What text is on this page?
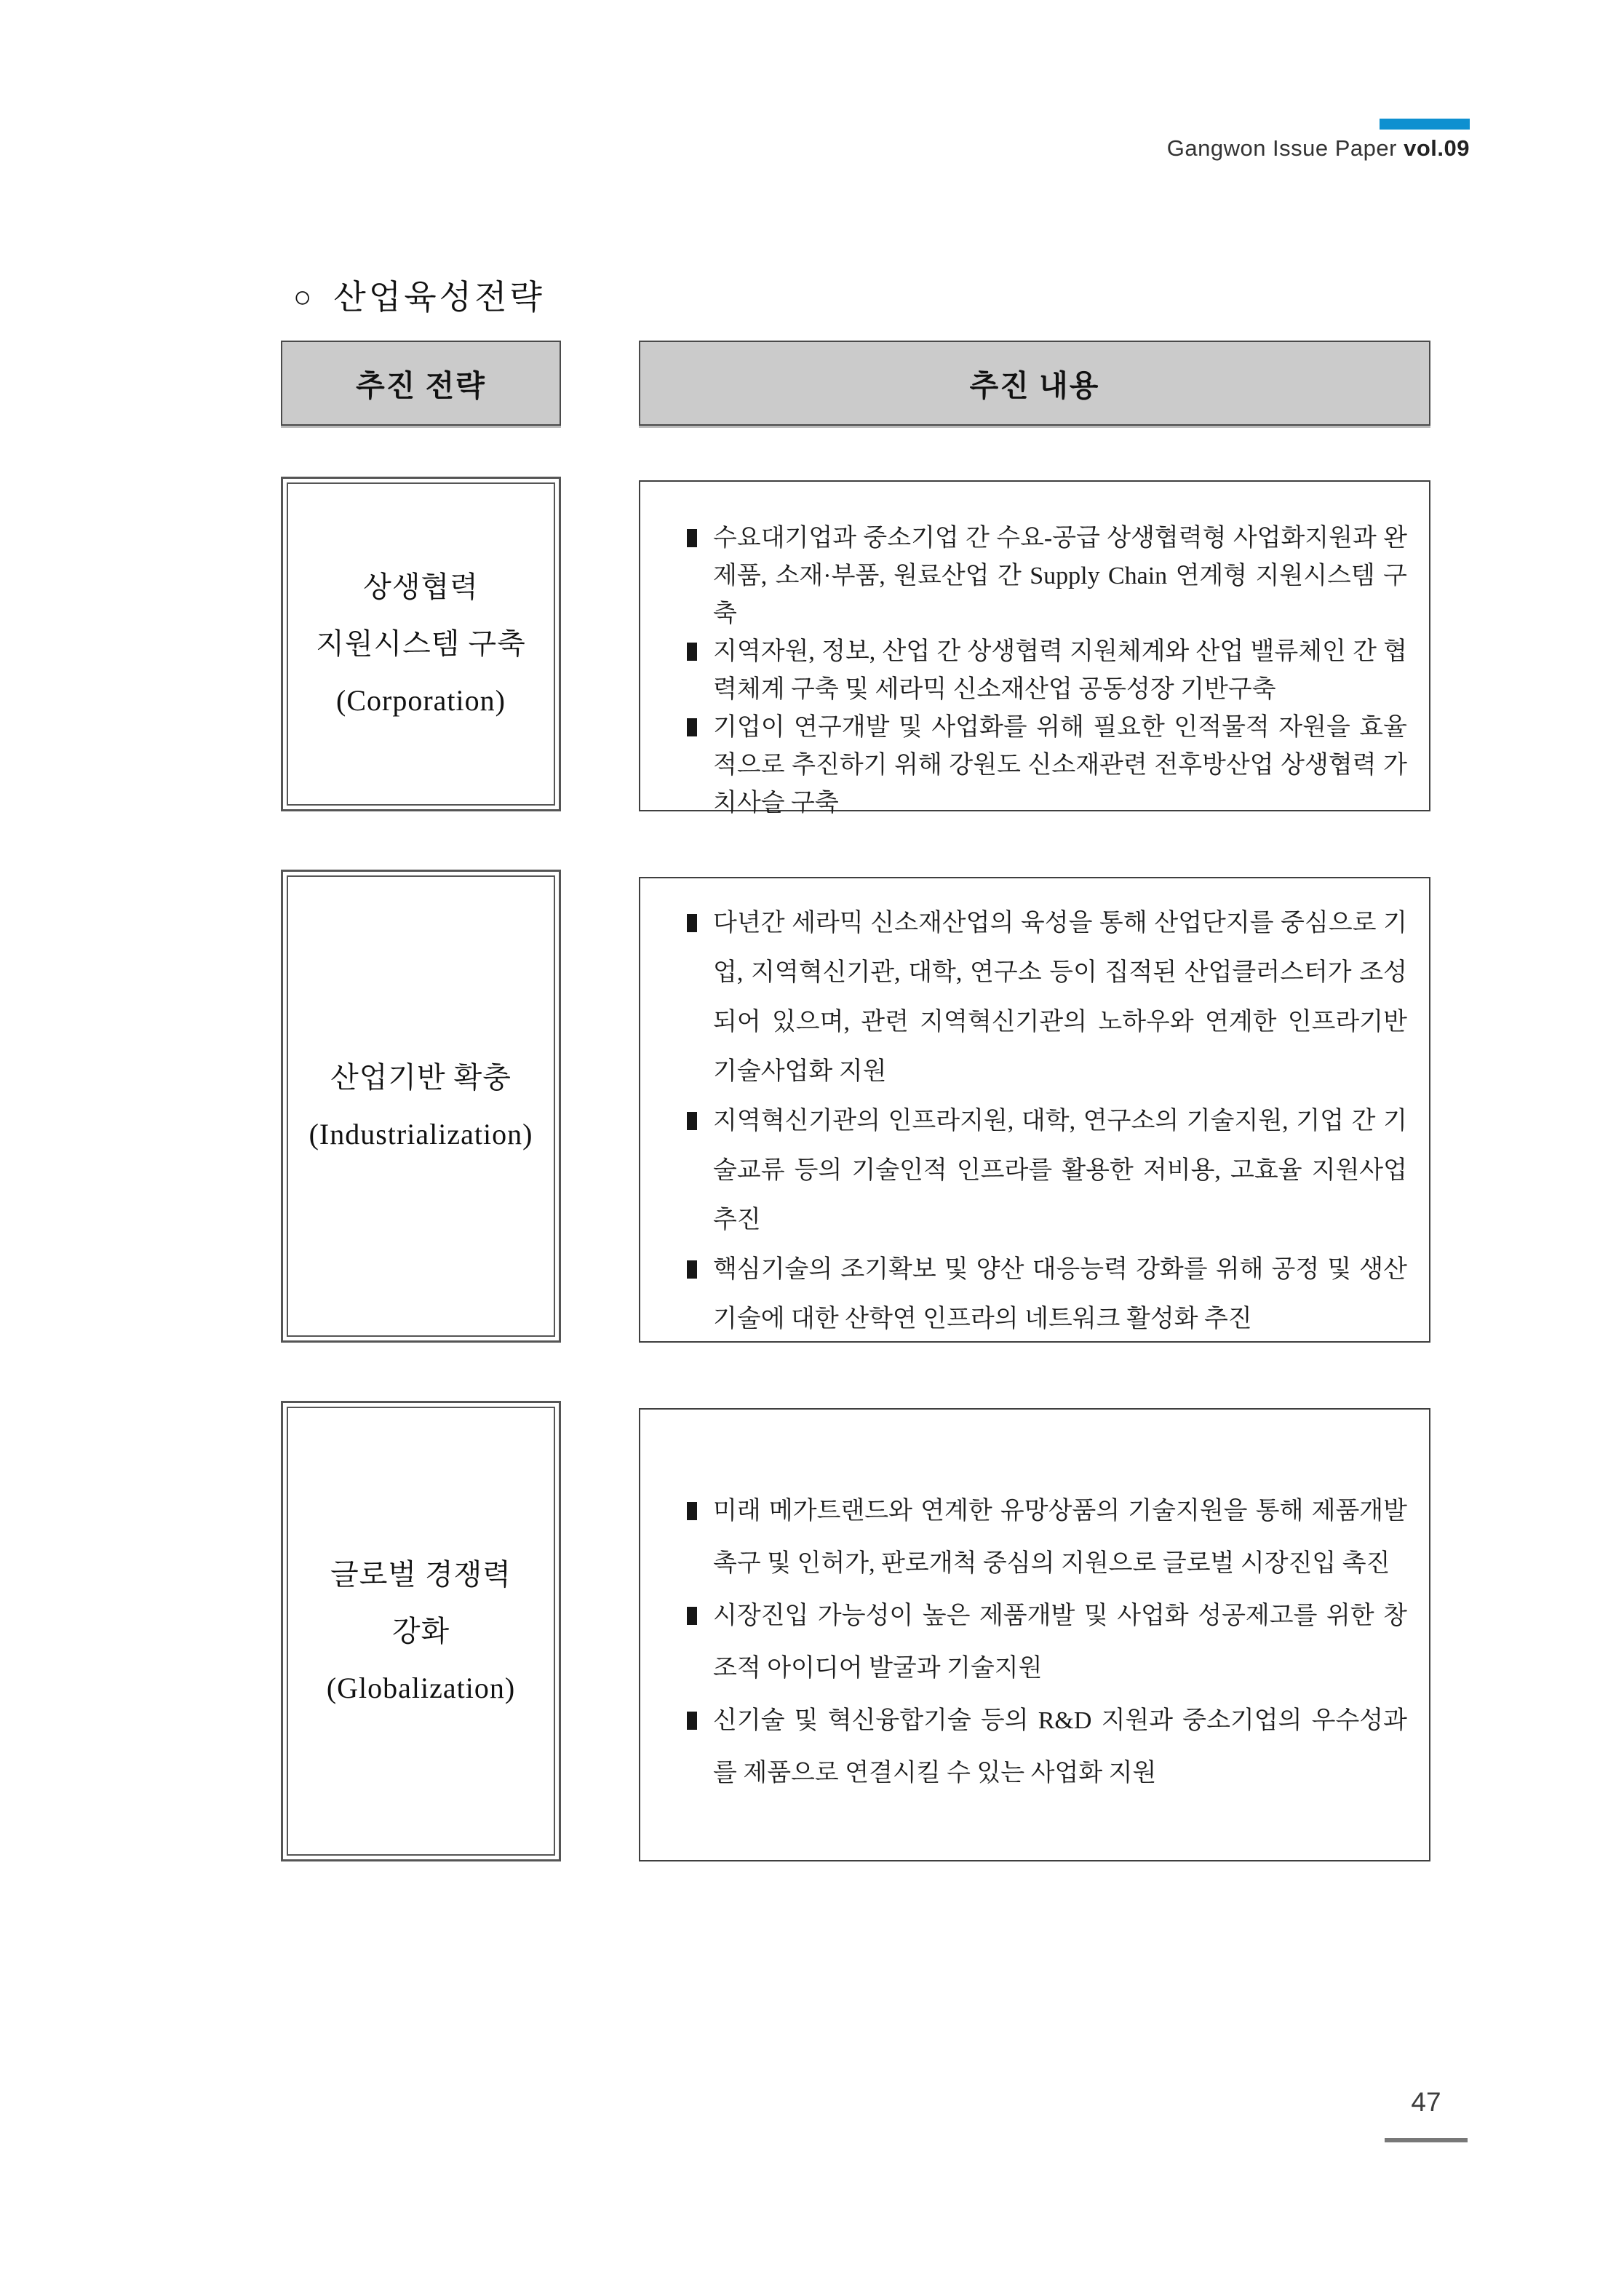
Gangwon Issue Paper vol.09
○ 산업육성전략
추진 전략	추진 내용
상생협력
지원시스템 구축
(Corporation)
수요대기업과 중소기업 간 수요-공급 상생협력형 사업화지원과 완제품, 소재·부품, 원료산업 간 Supply Chain 연계형 지원시스템 구축
지역자원, 정보, 산업 간 상생협력 지원체계와 산업 밸류체인 간 협력체계 구축 및 세라믹 신소재산업 공동성장 기반구축
기업이 연구개발 및 사업화를 위해 필요한 인적물적 자원을 효율적으로 추진하기 위해 강원도 신소재관련 전후방산업 상생협력 가치사슬 구축
산업기반 확충
(Industrialization)
다년간 세라믹 신소재산업의 육성을 통해 산업단지를 중심으로 기업, 지역혁신기관, 대학, 연구소 등이 집적된 산업클러스터가 조성되어 있으며, 관련 지역혁신기관의 노하우와 연계한 인프라기반 기술사업화 지원
지역혁신기관의 인프라지원, 대학, 연구소의 기술지원, 기업 간 기술교류 등의 기술인적 인프라를 활용한 저비용, 고효율 지원사업 추진
핵심기술의 조기확보 및 양산 대응능력 강화를 위해 공정 및 생산기술에 대한 산학연 인프라의 네트워크 활성화 추진
글로벌 경쟁력
강화
(Globalization)
미래 메가트랜드와 연계한 유망상품의 기술지원을 통해 제품개발 촉구 및 인허가, 판로개척 중심의 지원으로 글로벌 시장진입 촉진
시장진입 가능성이 높은 제품개발 및 사업화 성공제고를 위한 창조적 아이디어 발굴과 기술지원
신기술 및 혁신융합기술 등의 R&D 지원과 중소기업의 우수성과를 제품으로 연결시킬 수 있는 사업화 지원
47
